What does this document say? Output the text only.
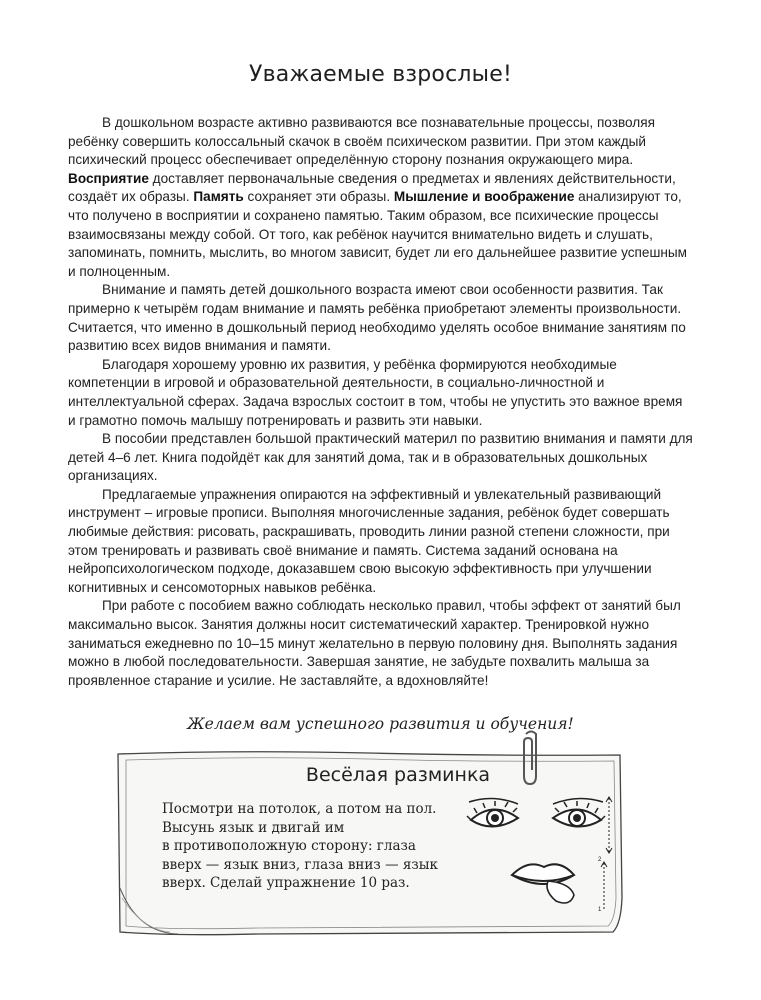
Уважаемые взрослые!

В дошкольном возрасте активно развиваются все познавательные процессы, позволяя ребёнку совершить колоссальный скачок в своём психическом развитии. При этом каждый психический процесс обеспечивает определённую сторону познания окружающего мира. Восприятие доставляет первоначальные сведения о предметах и явлениях действительности, создаёт их образы. Память сохраняет эти образы. Мышление и воображение анализируют то, что получено в восприятии и сохранено памятью. Таким образом, все психические процессы взаимосвязаны между собой. От того, как ребёнок научится внимательно видеть и слушать, запоминать, помнить, мыслить, во многом зависит, будет ли его дальнейшее развитие успешным и полноценным.

Внимание и память детей дошкольного возраста имеют свои особенности развития. Так примерно к четырём годам внимание и память ребёнка приобретают элементы произвольности. Считается, что именно в дошкольный период необходимо уделять особое внимание занятиям по развитию всех видов внимания и памяти.

Благодаря хорошему уровню их развития, у ребёнка формируются необходимые компетенции в игровой и образовательной деятельности, в социально-личностной и интеллектуальной сферах. Задача взрослых состоит в том, чтобы не упустить это важное время и грамотно помочь малышу потренировать и развить эти навыки.

В пособии представлен большой практический материл по развитию внимания и памяти для детей 4–6 лет. Книга подойдёт как для занятий дома, так и в образовательных дошкольных организациях.

Предлагаемые упражнения опираются на эффективный и увлекательный развивающий инструмент – игровые прописи. Выполняя многочисленные задания, ребёнок будет совершать любимые действия: рисовать, раскрашивать, проводить линии разной степени сложности, при этом тренировать и развивать своё внимание и память. Система заданий основана на нейропсихологическом подходе, доказавшем свою высокую эффективность при улучшении когнитивных и сенсомоторных навыков ребёнка.

При работе с пособием важно соблюдать несколько правил, чтобы эффект от занятий был максимально высок. Занятия должны носит систематический характер. Тренировкой нужно заниматься ежедневно по 10–15 минут желательно в первую половину дня. Выполнять задания можно в любой последовательности. Завершая занятие, не забудьте похвалить малыша за проявленное старание и усилие. Не заставляйте, а вдохновляйте!

Желаем вам успешного развития и обучения!
Весёлая разминка
Посмотри на потолок, а потом на пол.
Высунь язык и двигай им
в противоположную сторону: глаза
вверх — язык вниз, глаза вниз — язык
вверх. Сделай упражнение 10 раз.
2
1
